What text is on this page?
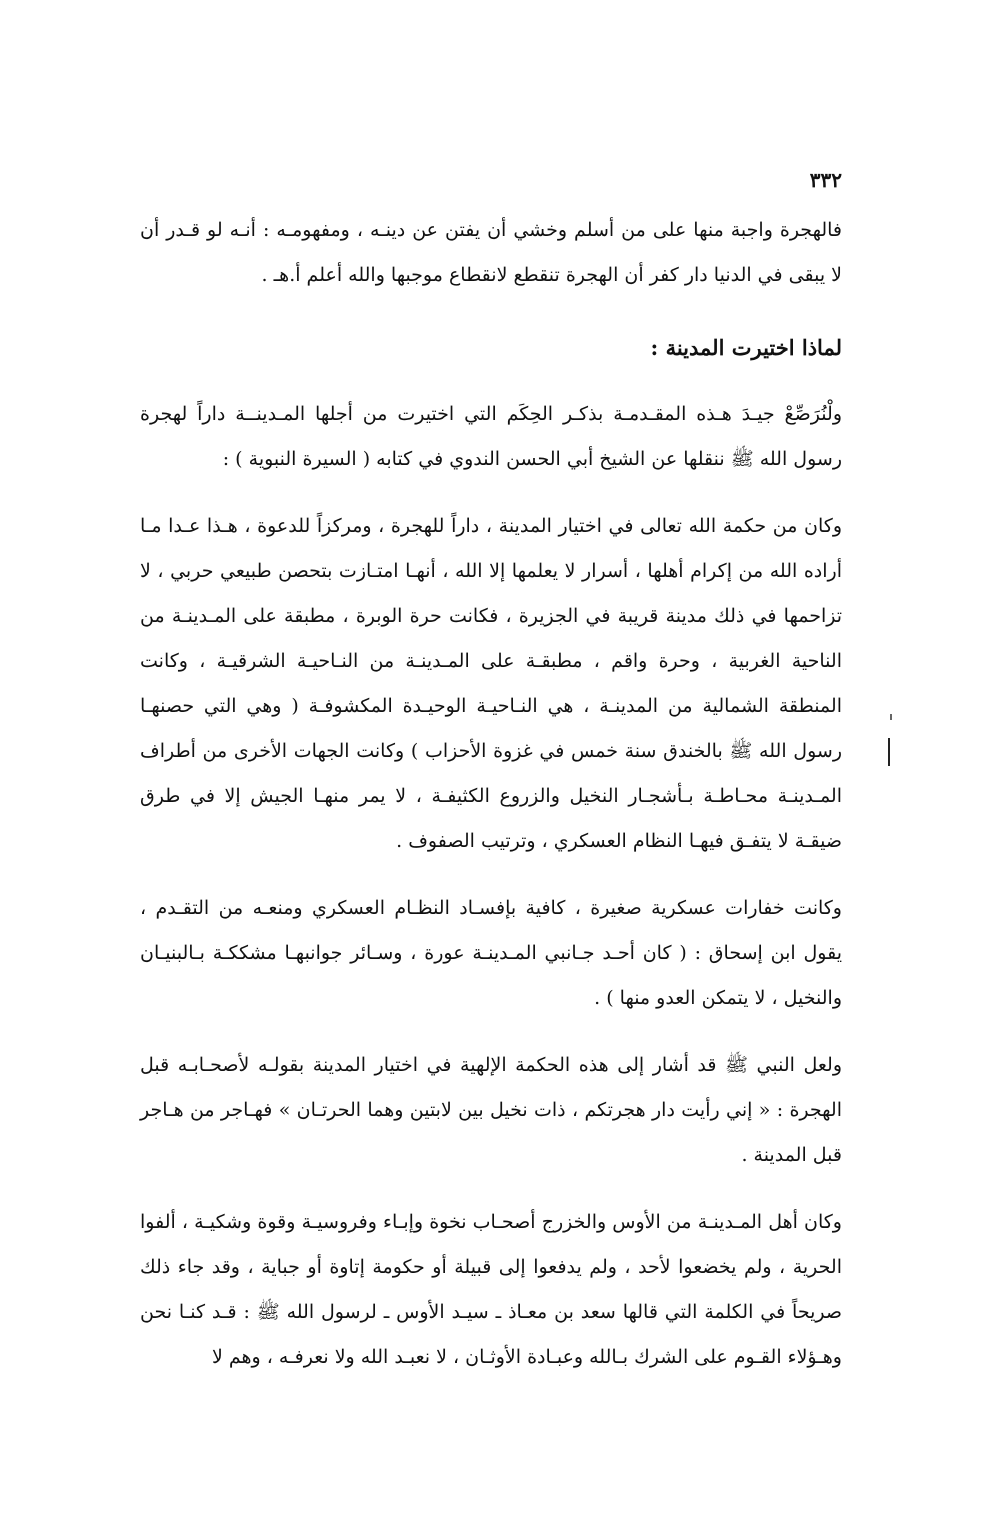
٣٣٢

فالهجرة واجبة منها على من أسلم وخشي أن يفتن عن دينـه ، ومفهومـه : أنـه لو قـدر أن لا يبقى في الدنيا دار كفر أن الهجرة تنقطع لانقطاع موجبها والله أعلم أ.هـ .

لماذا اختيرت المدينة :

ولْنُرَصِّعْ جيـدَ هـذه المقـدمـة بذكـر الحِكَم التي اختيرت من أجلها المـدينــة داراً لهجرة رسول الله ﷺ ننقلها عن الشيخ أبي الحسن الندوي في كتابه ( السيرة النبوية ) :

وكان من حكمة الله تعالى في اختيار المدينة ، داراً للهجرة ، ومركزاً للدعوة ، هـذا عـدا مـا أراده الله من إكرام أهلها ، أسرار لا يعلمها إلا الله ، أنهـا امتـازت بتحصن طبيعي حربي ، لا تزاحمها في ذلك مدينة قريبة في الجزيرة ، فكانت حرة الوبرة ، مطبقة على المـدينـة من الناحية الغربية ، وحرة واقم ، مطبقـة على المـدينـة من النـاحيـة الشرقيـة ، وكانت المنطقة الشمالية من المدينـة ، هي النـاحيـة الوحيـدة المكشوفـة ( وهي التي حصنهـا رسول الله ﷺ بالخندق سنة خمس في غزوة الأحزاب ) وكانت الجهات الأخرى من أطراف المـدينـة محـاطـة بـأشجـار النخيل والزروع الكثيفـة ، لا يمر منهـا الجيش إلا في طرق ضيقـة لا يتفـق فيهـا النظام العسكري ، وترتيب الصفوف .

وكانت خفارات عسكرية صغيرة ، كافية بإفسـاد النظـام العسكري ومنعـه من التقـدم ، يقول ابن إسحاق : ( كان أحـد جـانبي المـدينـة عورة ، وسـائر جوانبهـا مشككـة بـالبنيـان والنخيل ، لا يتمكن العدو منها ) .

ولعل النبي ﷺ قد أشار إلى هذه الحكمة الإلهية في اختيار المدينة بقولـه لأصحـابـه قبل الهجرة : « إني رأيت دار هجرتكم ، ذات نخيل بين لابتين وهما الحرتـان » فهـاجر من هـاجر قبل المدينة .

وكان أهل المـدينـة من الأوس والخزرج أصحـاب نخوة وإبـاء وفروسيـة وقوة وشكيـة ، ألفوا الحرية ، ولم يخضعوا لأحد ، ولم يدفعوا إلى قبيلة أو حكومة إتاوة أو جباية ، وقد جاء ذلك صريحاً في الكلمة التي قالها سعد بن معـاذ ـ سيـد الأوس ـ لرسول الله ﷺ : قـد كنـا نحن وهـؤلاء القـوم على الشرك بـالله وعبـادة الأوثـان ، لا نعبـد الله ولا نعرفـه ، وهم لا
